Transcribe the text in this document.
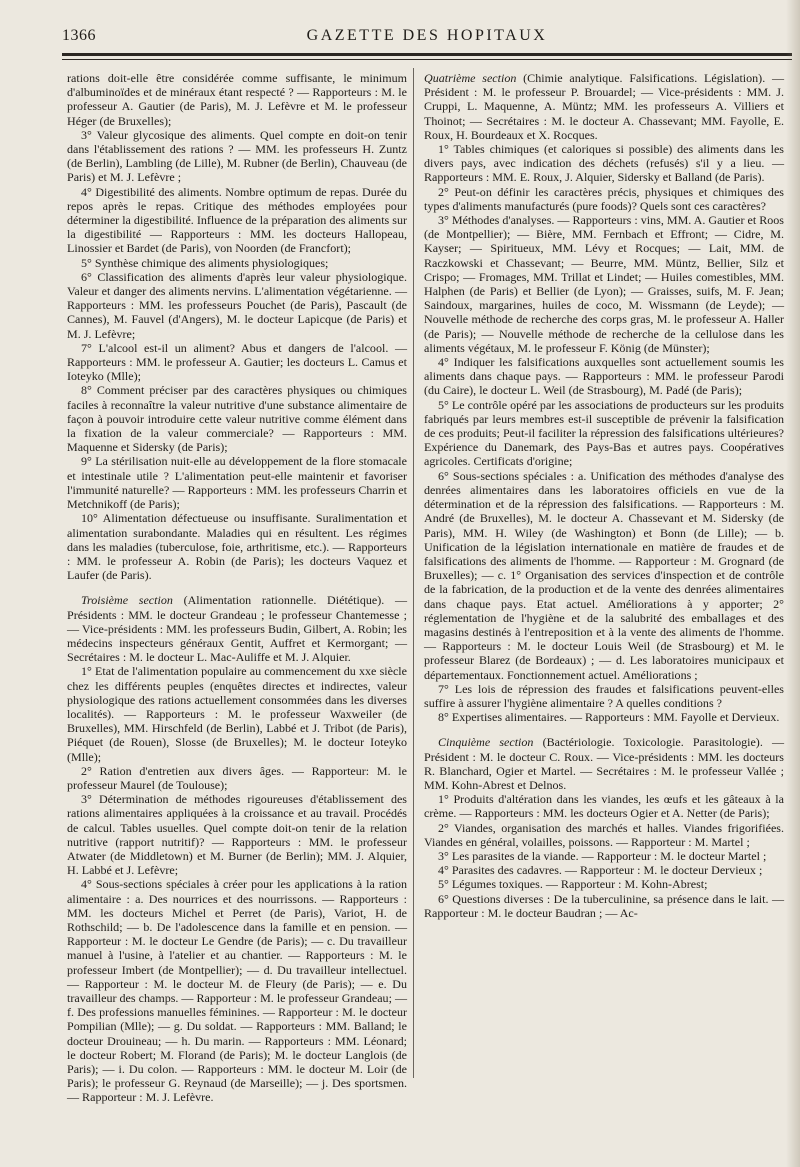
1366	GAZETTE DES HOPITAUX

rations doit-elle être considérée comme suffisante, le minimum d'albuminoïdes et de minéraux étant respecté ? — Rapporteurs : M. le professeur A. Gautier (de Paris), M. J. Lefèvre et M. le professeur Héger (de Bruxelles);

3° Valeur glycosique des aliments. Quel compte en doit-on tenir dans l'établissement des rations ? — MM. les professeurs H. Zuntz (de Berlin), Lambling (de Lille), M. Rubner (de Berlin), Chauveau (de Paris) et M. J. Lefèvre ;

4° Digestibilité des aliments. Nombre optimum de repas. Durée du repos après le repas. Critique des méthodes employées pour déterminer la digestibilité. Influence de la préparation des aliments sur la digestibilité — Rapporteurs : MM. les docteurs Hallopeau, Linossier et Bardet (de Paris), von Noorden (de Francfort);

5° Synthèse chimique des aliments physiologiques;

6° Classification des aliments d'après leur valeur physiologique. Valeur et danger des aliments nervins. L'alimentation végétarienne. — Rapporteurs : MM. les professeurs Pouchet (de Paris), Pascault (de Cannes), M. Fauvel (d'Angers), M. le docteur Lapicque (de Paris) et M. J. Lefèvre;

7° L'alcool est-il un aliment? Abus et dangers de l'alcool. — Rapporteurs : MM. le professeur A. Gautier; les docteurs L. Camus et Ioteyko (Mlle);

8° Comment préciser par des caractères physiques ou chimiques faciles à reconnaître la valeur nutritive d'une substance alimentaire de façon à pouvoir introduire cette valeur nutritive comme élément dans la fixation de la valeur commerciale? — Rapporteurs : MM. Maquenne et Sidersky (de Paris);

9° La stérilisation nuit-elle au développement de la flore stomacale et intestinale utile ? L'alimentation peut-elle maintenir et favoriser l'immunité naturelle? — Rapporteurs : MM. les professeurs Charrin et Metchnikoff (de Paris);

10° Alimentation défectueuse ou insuffisante. Suralimentation et alimentation surabondante. Maladies qui en résultent. Les régimes dans les maladies (tuberculose, foie, arthritisme, etc.). — Rapporteurs : MM. le professeur A. Robin (de Paris); les docteurs Vaquez et Laufer (de Paris).

Troisième section (Alimentation rationnelle. Diététique). — Présidents : MM. le docteur Grandeau ; le professeur Chantemesse ; — Vice-présidents : MM. les professeurs Budin, Gilbert, A. Robin; les médecins inspecteurs généraux Gentit, Auffret et Kermorgant; — Secrétaires : M. le docteur L. Mac-Auliffe et M. J. Alquier.

1° Etat de l'alimentation populaire au commencement du xxe siècle chez les différents peuples (enquêtes directes et indirectes, valeur physiologique des rations actuellement consommées dans les diverses localités). — Rapporteurs : M. le professeur Waxweiler (de Bruxelles), MM. Hirschfeld (de Berlin), Labbé et J. Tribot (de Paris), Piéquet (de Rouen), Slosse (de Bruxelles); M. le docteur Ioteyko (Mlle);

2° Ration d'entretien aux divers âges. — Rapporteur: M. le professeur Maurel (de Toulouse);

3° Détermination de méthodes rigoureuses d'établissement des rations alimentaires appliquées à la croissance et au travail. Procédés de calcul. Tables usuelles. Quel compte doit-on tenir de la relation nutritive (rapport nutritif)? — Rapporteurs : MM. le professeur Atwater (de Middletown) et M. Burner (de Berlin); MM. J. Alquier, H. Labbé et J. Lefèvre;

4° Sous-sections spéciales à créer pour les applications à la ration alimentaire : a. Des nourrices et des nourrissons. — Rapporteurs : MM. les docteurs Michel et Perret (de Paris), Variot, H. de Rothschild; — b. De l'adolescence dans la famille et en pension. — Rapporteur : M. le docteur Le Gendre (de Paris); — c. Du travailleur manuel à l'usine, à l'atelier et au chantier. — Rapporteurs : M. le professeur Imbert (de Montpellier); — d. Du travailleur intellectuel. — Rapporteur : M. le docteur M. de Fleury (de Paris); — e. Du travailleur des champs. — Rapporteur : M. le professeur Grandeau; — f. Des professions manuelles féminines. — Rapporteur : M. le docteur Pompilian (Mlle); — g. Du soldat. — Rapporteurs : MM. Balland; le docteur Drouineau; — h. Du marin. — Rapporteurs : MM. Léonard; le docteur Robert; M. Florand (de Paris); M. le docteur Langlois (de Paris); — i. Du colon. — Rapporteurs : MM. le docteur M. Loir (de Paris); le professeur G. Reynaud (de Marseille); — j. Des sportsmen. — Rapporteur : M. J. Lefèvre.

Quatrième section (Chimie analytique. Falsifications. Législation). — Président : M. le professeur P. Brouardel; — Vice-présidents : MM. J. Cruppi, L. Maquenne, A. Müntz; MM. les professeurs A. Villiers et Thoinot; — Secrétaires : M. le docteur A. Chassevant; MM. Fayolle, E. Roux, H. Bourdeaux et X. Rocques.

1° Tables chimiques (et caloriques si possible) des aliments dans les divers pays, avec indication des déchets (refusés) s'il y a lieu. — Rapporteurs : MM. E. Roux, J. Alquier, Sidersky et Balland (de Paris).

2° Peut-on définir les caractères précis, physiques et chimiques des types d'aliments manufacturés (pure foods)? Quels sont ces caractères?

3° Méthodes d'analyses. — Rapporteurs : vins, MM. A. Gautier et Roos (de Montpellier); — Bière, MM. Fernbach et Effront; — Cidre, M. Kayser; — Spiritueux, MM. Lévy et Rocques; — Lait, MM. de Raczkowski et Chassevant; — Beurre, MM. Müntz, Bellier, Silz et Crispo; — Fromages, MM. Trillat et Lindet; — Huiles comestibles, MM. Halphen (de Paris) et Bellier (de Lyon); — Graisses, suifs, M. F. Jean; Saindoux, margarines, huiles de coco, M. Wissmann (de Leyde); — Nouvelle méthode de recherche des corps gras, M. le professeur A. Haller (de Paris); — Nouvelle méthode de recherche de la cellulose dans les aliments végétaux, M. le professeur F. König (de Münster);

4° Indiquer les falsifications auxquelles sont actuellement soumis les aliments dans chaque pays. — Rapporteurs : MM. le professeur Parodi (du Caire), le docteur L. Weil (de Strasbourg), M. Padé (de Paris);

5° Le contrôle opéré par les associations de producteurs sur les produits fabriqués par leurs membres est-il susceptible de prévenir la falsification de ces produits; Peut-il faciliter la répression des falsifications ultérieures? Expérience du Danemark, des Pays-Bas et autres pays. Coopératives agricoles. Certificats d'origine;

6° Sous-sections spéciales : a. Unification des méthodes d'analyse des denrées alimentaires dans les laboratoires officiels en vue de la détermination et de la répression des falsifications. — Rapporteurs : M. André (de Bruxelles), M. le docteur A. Chassevant et M. Sidersky (de Paris), MM. H. Wiley (de Washington) et Bonn (de Lille); — b. Unification de la législation internationale en matière de fraudes et de falsifications des aliments de l'homme. — Rapporteur : M. Grognard (de Bruxelles); — c. 1° Organisation des services d'inspection et de contrôle de la fabrication, de la production et de la vente des denrées alimentaires dans chaque pays. Etat actuel. Améliorations à y apporter; 2° réglementation de l'hygiène et de la salubrité des emballages et des magasins destinés à l'entreposition et à la vente des aliments de l'homme. — Rapporteurs : M. le docteur Louis Weil (de Strasbourg) et M. le professeur Blarez (de Bordeaux) ; — d. Les laboratoires municipaux et départementaux. Fonctionnement actuel. Améliorations ;

7° Les lois de répression des fraudes et falsifications peuvent-elles suffire à assurer l'hygiène alimentaire ? A quelles conditions ?

8° Expertises alimentaires. — Rapporteurs : MM. Fayolle et Dervieux.

Cinquième section (Bactériologie. Toxicologie. Parasitologie). — Président : M. le docteur C. Roux. — Vice-présidents : MM. les docteurs R. Blanchard, Ogier et Martel. — Secrétaires : M. le professeur Vallée ; MM. Kohn-Abrest et Delnos.

1° Produits d'altération dans les viandes, les œufs et les gâteaux à la crème. — Rapporteurs : MM. les docteurs Ogier et A. Netter (de Paris);

2° Viandes, organisation des marchés et halles. Viandes frigorifiées. Viandes en général, volailles, poissons. — Rapporteur : M. Martel ;

3° Les parasites de la viande. — Rapporteur : M. le docteur Martel ;

4° Parasites des cadavres. — Rapporteur : M. le docteur Dervieux ;

5° Légumes toxiques. — Rapporteur : M. Kohn-Abrest;

6° Questions diverses : De la tuberculinine, sa présence dans le lait. — Rapporteur : M. le docteur Baudran ; — Ac-
